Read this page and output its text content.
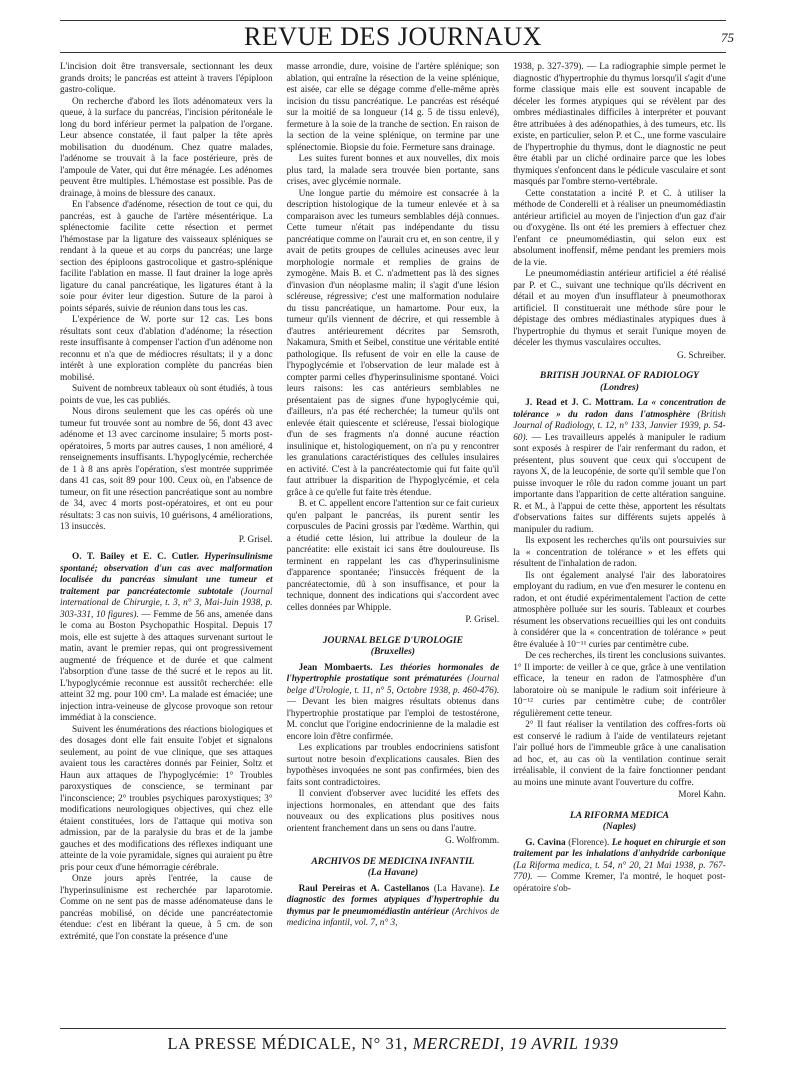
REVUE DES JOURNAUX	75

L'incision doit être transversale, sectionnant les deux grands droits; le pancréas est atteint à travers l'épiploon gastro-colique.

On recherche d'abord les îlots adénomateux vers la queue, à la surface du pancréas, l'incision péritonéale le long du bord inférieur permet la palpation de l'organe. Leur absence constatée, il faut palper la tête après mobilisation du duodénum. Chez quatre malades, l'adénome se trouvait à la face postérieure, près de l'ampoule de Vater, qui dut être ménagée. Les adénomes peuvent être multiples. L'hémostase est possible. Pas de drainage, à moins de blessure des canaux.

En l'absence d'adénome, résection de tout ce qui, du pancréas, est à gauche de l'artère mésentérique. La splénectomie facilite cette résection et permet l'hémostase par la ligature des vaisseaux spléniques se rendant à la queue et au corps du pancréas; une large section des épiploons gastrocolique et gastro-splénique facilite l'ablation en masse. Il faut drainer la loge après ligature du canal pancréatique, les ligatures étant à la soie pour éviter leur digestion. Suture de la paroi à points séparés, suivie de réunion dans tous les cas.

L'expérience de W. porte sur 12 cas. Les bons résultats sont ceux d'ablation d'adénome; la résection reste insuffisante à compenser l'action d'un adénome non reconnu et n'a que de médiocres résultats; il y a donc intérêt à une exploration complète du pancréas bien mobilisé.

Suivent de nombreux tableaux où sont étudiés, à tous points de vue, les cas publiés.

Nous dirons seulement que les cas opérés où une tumeur fut trouvée sont au nombre de 56, dont 43 avec adénome et 13 avec carcinome insulaire; 5 morts post-opératoires, 5 morts par autres causes, 1 non amélioré, 4 renseignements insuffisants. L'hypoglycémie, recherchée de 1 à 8 ans après l'opération, s'est montrée supprimée dans 41 cas, soit 89 pour 100. Ceux où, en l'absence de tumeur, on fit une résection pancréatique sont au nombre de 34, avec 4 morts post-opératoires, et ont eu pour résultats: 3 cas non suivis, 10 guérisons, 4 améliorations, 13 insuccès.

P. Grisel.

O. T. Bailey et E. C. Cutler. Hyperinsulinisme spontané; observation d'un cas avec malformation localisée du pancréas simulant une tumeur et traitement par pancréatectomie subtotale (Journal international de Chirurgie, t. 3, n° 3, Mai-Juin 1938, p. 303-331, 10 figures). — Femme de 56 ans, amenée dans le coma au Boston Psychopathic Hospital. Depuis 17 mois, elle est sujette à des attaques survenant surtout le matin, avant le premier repas, qui ont progressivement augmenté de fréquence et de durée et que calment l'absorption d'une tasse de thé sucré et le repos au lit. L'hypoglycémie reconnue est aussitôt recherchée: elle atteint 32 mg. pour 100 cm³. La malade est émaciée; une injection intra-veineuse de glycose provoque son retour immédiat à la conscience.

Suivent les énumérations des réactions biologiques et des dosages dont elle fait ensuite l'objet et signalons seulement, au point de vue clinique, que ses attaques avaient tous les caractères donnés par Feinier, Soltz et Haun aux attaques de l'hypoglycémie: 1° Troubles paroxystiques de conscience, se terminant par l'inconscience; 2° troubles psychiques paroxystiques; 3° modifications neurologiques objectives, qui chez elle étaient constituées, lors de l'attaque qui motiva son admission, par de la paralysie du bras et de la jambe gauches et des modifications des réflexes indiquant une atteinte de la voie pyramidale, signes qui auraient pu être pris pour ceux d'une hémorragie cérébrale.

Onze jours après l'entrée, la cause de l'hyperinsulinisme est recherchée par laparotomie. Comme on ne sent pas de masse adénomateuse dans le pancréas mobilisé, on décide une pancréatectomie étendue: c'est en libérant la queue, à 5 cm. de son extrémité, que l'on constate la présence d'une

masse arrondie, dure, voisine de l'artère splénique; son ablation, qui entraîne la résection de la veine splénique, est aisée, car elle se dégage comme d'elle-même après incision du tissu pancréatique. Le pancréas est réséqué sur la moitié de sa longueur (14 g. 5 de tissu enlevé), fermeture à la soie de la tranche de section. En raison de la section de la veine splénique, on termine par une splénectomie. Biopsie du foie. Fermeture sans drainage.

Les suites furent bonnes et aux nouvelles, dix mois plus tard, la malade sera trouvée bien portante, sans crises, avec glycémie normale.

Une longue partie du mémoire est consacrée à la description histologique de la tumeur enlevée et à sa comparaison avec les tumeurs semblables déjà connues. Cette tumeur n'était pas indépendante du tissu pancréatique comme on l'aurait cru et, en son centre, il y avait de petits groupes de cellules acineuses avec leur morphologie normale et remplies de grains de zymogène. Mais B. et C. n'admettent pas là des signes d'invasion d'un néoplasme malin; il s'agit d'une lésion scléreuse, régressive; c'est une malformation nodulaire du tissu pancréatique, un hamartome. Pour eux, la tumeur qu'ils viennent de décrire, et qui ressemble à d'autres antérieurement décrites par Semsroth, Nakamura, Smith et Seibel, constitue une véritable entité pathologique. Ils refusent de voir en elle la cause de l'hypoglycémie et l'observation de leur malade est à compter parmi celles d'hyperinsulinisme spontané. Voici leurs raisons: les cas antérieurs semblables ne présentaient pas de signes d'une hypoglycémie qui, d'ailleurs, n'a pas été recherchée; la tumeur qu'ils ont enlevée était quiescente et scléreuse, l'essai biologique d'un de ses fragments n'a donné aucune réaction insulinique et, histologiquement, on n'a pu y rencontrer les granulations caractéristiques des cellules insulaires en activité. C'est à la pancréatectomie qui fut faite qu'il faut attribuer la disparition de l'hypoglycémie, et cela grâce à ce qu'elle fut faite très étendue.

B. et C. appellent encore l'attention sur ce fait curieux qu'en palpant le pancréas, ils purent sentir les corpuscules de Pacini grossis par l'œdème. Warthin, qui a étudié cette lésion, lui attribue la douleur de la pancréatite: elle existait ici sans être douloureuse. Ils terminent en rappelant les cas d'hyperinsulinisme d'apparence spontanée; l'insuccès fréquent de la pancréatectomie, dû à son insuffisance, et pour la technique, donnent des indications qui s'accordent avec celles données par Whipple.

P. Grisel.

JOURNAL BELGE D'UROLOGIE
(Bruxelles)

Jean Mombaerts. Les théories hormonales de l'hypertrophie prostatique sont prématurées (Journal belge d'Urologie, t. 11, n° 5, Octobre 1938, p. 460-476). — Devant les bien maigres résultats obtenus dans l'hypertrophie prostatique par l'emploi de testostérone, M. conclut que l'origine endocrinienne de la maladie est encore loin d'être confirmée.

Les explications par troubles endocriniens satisfont surtout notre besoin d'explications causales. Bien des hypothèses invoquées ne sont pas confirmées, bien des faits sont contradictoires.

Il convient d'observer avec lucidité les effets des injections hormonales, en attendant que des faits nouveaux ou des explications plus positives nous orientent franchement dans un sens ou dans l'autre.

G. Wolfromm.

ARCHIVOS DE MEDICINA INFANTIL
(La Havane)

Raul Pereiras et A. Castellanos (La Havane). Le diagnostic des formes atypiques d'hypertrophie du thymus par le pneumomédiastin antérieur (Archivos de medicina infantil, vol. 7, n° 3,

1938, p. 327-379). — La radiographie simple permet le diagnostic d'hypertrophie du thymus lorsqu'il s'agit d'une forme classique mais elle est souvent incapable de déceler les formes atypiques qui se révèlent par des ombres médiastinales difficiles à interpréter et pouvant être attribuées à des adénopathies, à des tumeurs, etc. Ils existe, en particulier, selon P. et C., une forme vasculaire de l'hypertrophie du thymus, dont le diagnostic ne peut être établi par un cliché ordinaire parce que les lobes thymiques s'enfoncent dans le pédicule vasculaire et sont masqués par l'ombre sterno-vertébrale.

Cette constatation a incité P. et C. à utiliser la méthode de Conderelli et à réaliser un pneumomédiastin antérieur artificiel au moyen de l'injection d'un gaz d'air ou d'oxygène. Ils ont été les premiers à effectuer chez l'enfant ce pneumomédiastin, qui selon eux est absolument inoffensif, même pendant les premiers mois de la vie.

Le pneumomédiastin antérieur artificiel a été réalisé par P. et C., suivant une technique qu'ils décrivent en détail et au moyen d'un insufflateur à pneumothorax artificiel. Il constituerait une méthode sûre pour le dépistage des ombres médiastinales atypiques dues à l'hypertrophie du thymus et serait l'unique moyen de déceler les thymus vasculaires occultes.

G. Schreiber.

BRITISH JOURNAL OF RADIOLOGY
(Londres)

J. Read et J. C. Mottram. La « concentration de tolérance » du radon dans l'atmosphère (British Journal of Radiology, t. 12, n° 133, Janvier 1939, p. 54-60). — Les travailleurs appelés à manipuler le radium sont exposés à respirer de l'air renfermant du radon, et présentent, plus souvent que ceux qui s'occupent de rayons X, de la leucopénie, de sorte qu'il semble que l'on puisse invoquer le rôle du radon comme jouant un part importante dans l'apparition de cette altération sanguine. R. et M., à l'appui de cette thèse, apportent les résultats d'observations faites sur différents sujets appelés à manipuler du radium.

Ils exposent les recherches qu'ils ont poursuivies sur la « concentration de tolérance » et les effets qui résultent de l'inhalation de radon.

Ils ont également analysé l'air des laboratoires employant du radium, en vue d'en mesurer le contenu en radon, et ont étudié expérimentalement l'action de cette atmosphère polluée sur les souris. Tableaux et courbes résument les observations recueillies qui les ont conduits à considérer que la « concentration de tolérance » peut être évaluée à 10⁻¹¹ curies par centimètre cube.

De ces recherches, ils tirent les conclusions suivantes. 1° Il importe: de veiller à ce que, grâce à une ventilation efficace, la teneur en radon de l'atmosphère d'un laboratoire où se manipule le radium soit inférieure à 10⁻¹² curies par centimètre cube; de contrôler régulièrement cette teneur.

2° Il faut réaliser la ventilation des coffres-forts où est conservé le radium à l'aide de ventilateurs rejetant l'air pollué hors de l'immeuble grâce à une canalisation ad hoc, et, au cas où la ventilation continue serait irréalisable, il convient de la faire fonctionner pendant au moins une minute avant l'ouverture du coffre.

Morel Kahn.

LA RIFORMA MEDICA
(Naples)

G. Cavina (Florence). Le hoquet en chirurgie et son traitement par les inhalations d'anhydride carbonique (La Riforma medica, t. 54, n° 20, 21 Mai 1938, p. 767-770). — Comme Kremer, l'a montré, le hoquet post-opératoire s'ob-

LA PRESSE MÉDICALE, N° 31, MERCREDI, 19 AVRIL 1939
